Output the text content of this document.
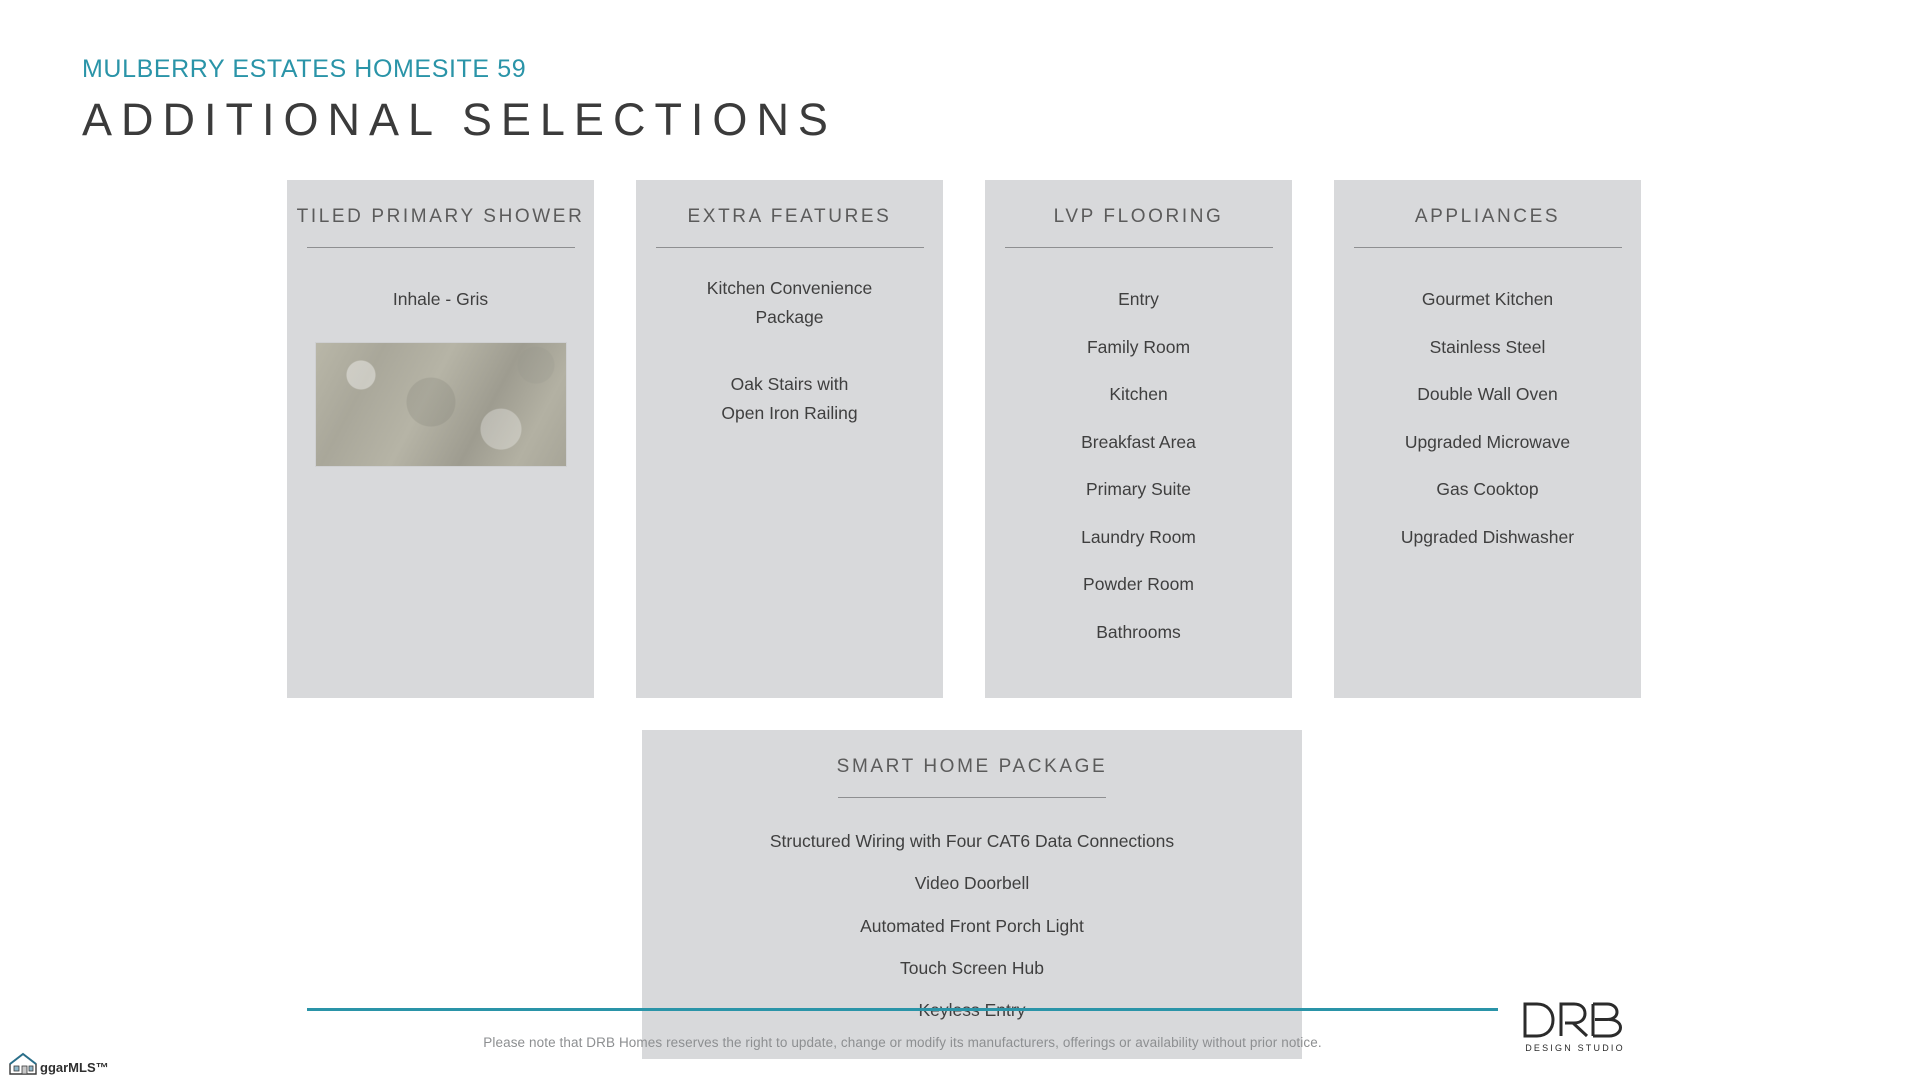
MULBERRY ESTATES HOMESITE 59
ADDITIONAL SELECTIONS
TILED PRIMARY SHOWER
Inhale - Gris
EXTRA FEATURES
Kitchen Convenience
Package
Oak Stairs with
Open Iron Railing
LVP FLOORING
Entry
Family Room
Kitchen
Breakfast Area
Primary Suite
Laundry Room
Powder Room
Bathrooms
APPLIANCES
Gourmet Kitchen
Stainless Steel
Double Wall Oven
Upgraded Microwave
Gas Cooktop
Upgraded Dishwasher
SMART HOME PACKAGE
Structured Wiring with Four CAT6 Data Connections
Video Doorbell
Automated Front Porch Light
Touch Screen Hub
Please note that DRB Homes reserves the right to update, change or modify its manufacturers, offerings or availability without prior notice.	DESIGN STUDIO
ggarMLS™
